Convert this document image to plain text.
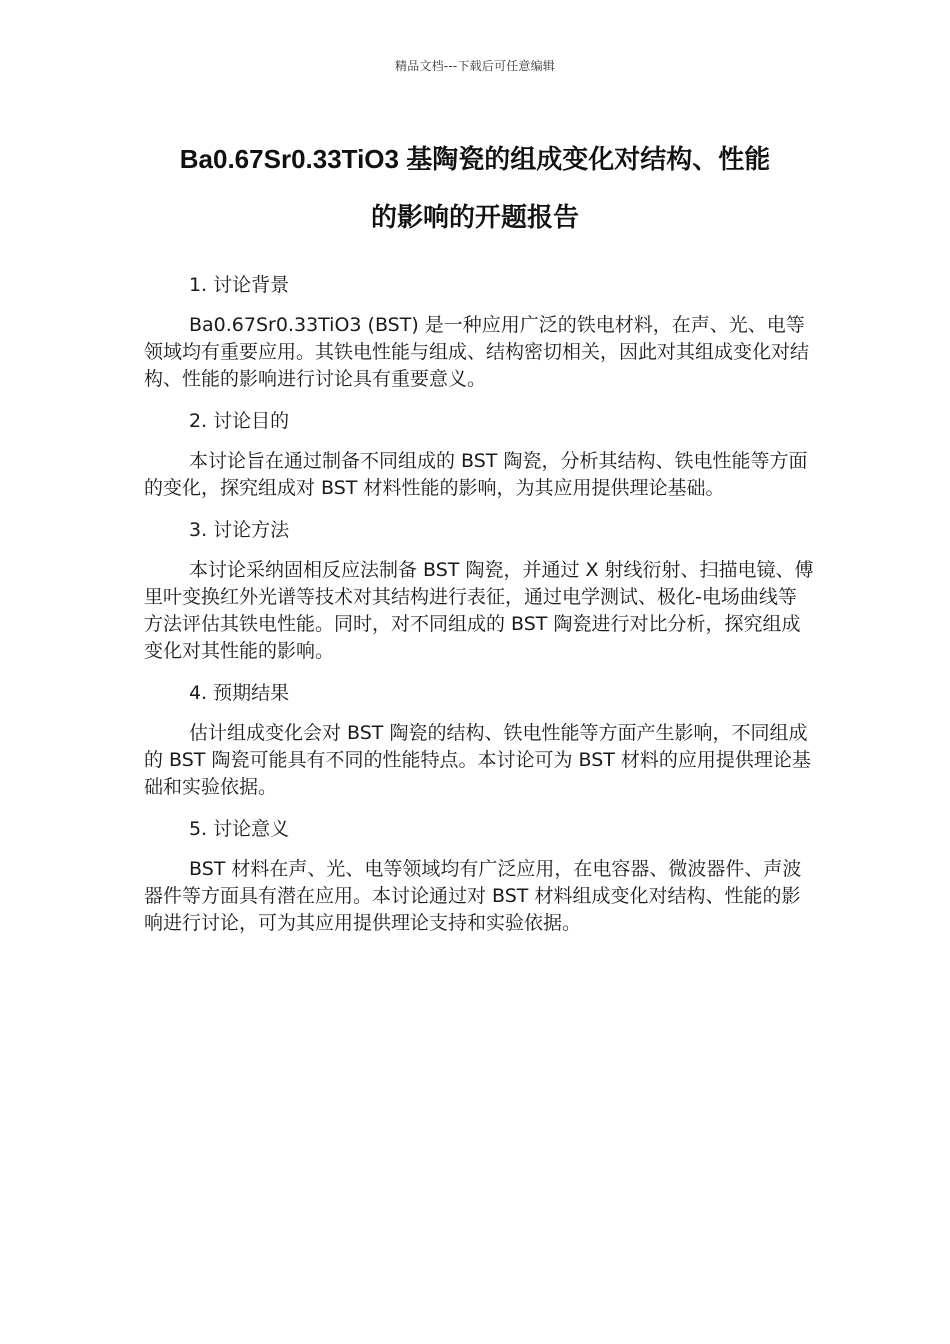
精品文档---下载后可任意编辑
Ba0.67Sr0.33TiO3 基陶瓷的组成变化对结构、性能
的影响的开题报告

1. 讨论背景

Ba0.67Sr0.33TiO3 (BST) 是一种应用广泛的铁电材料，在声、光、电等领域均有重要应用。其铁电性能与组成、结构密切相关，因此对其组成变化对结构、性能的影响进行讨论具有重要意义。

2. 讨论目的

本讨论旨在通过制备不同组成的 BST 陶瓷，分析其结构、铁电性能等方面的变化，探究组成对 BST 材料性能的影响，为其应用提供理论基础。

3. 讨论方法

本讨论采纳固相反应法制备 BST 陶瓷，并通过 X 射线衍射、扫描电镜、傅里叶变换红外光谱等技术对其结构进行表征，通过电学测试、极化-电场曲线等方法评估其铁电性能。同时，对不同组成的 BST 陶瓷进行对比分析，探究组成变化对其性能的影响。

4. 预期结果

估计组成变化会对 BST 陶瓷的结构、铁电性能等方面产生影响，不同组成的 BST 陶瓷可能具有不同的性能特点。本讨论可为 BST 材料的应用提供理论基础和实验依据。

5. 讨论意义

BST 材料在声、光、电等领域均有广泛应用，在电容器、微波器件、声波器件等方面具有潜在应用。本讨论通过对 BST 材料组成变化对结构、性能的影响进行讨论，可为其应用提供理论支持和实验依据。
